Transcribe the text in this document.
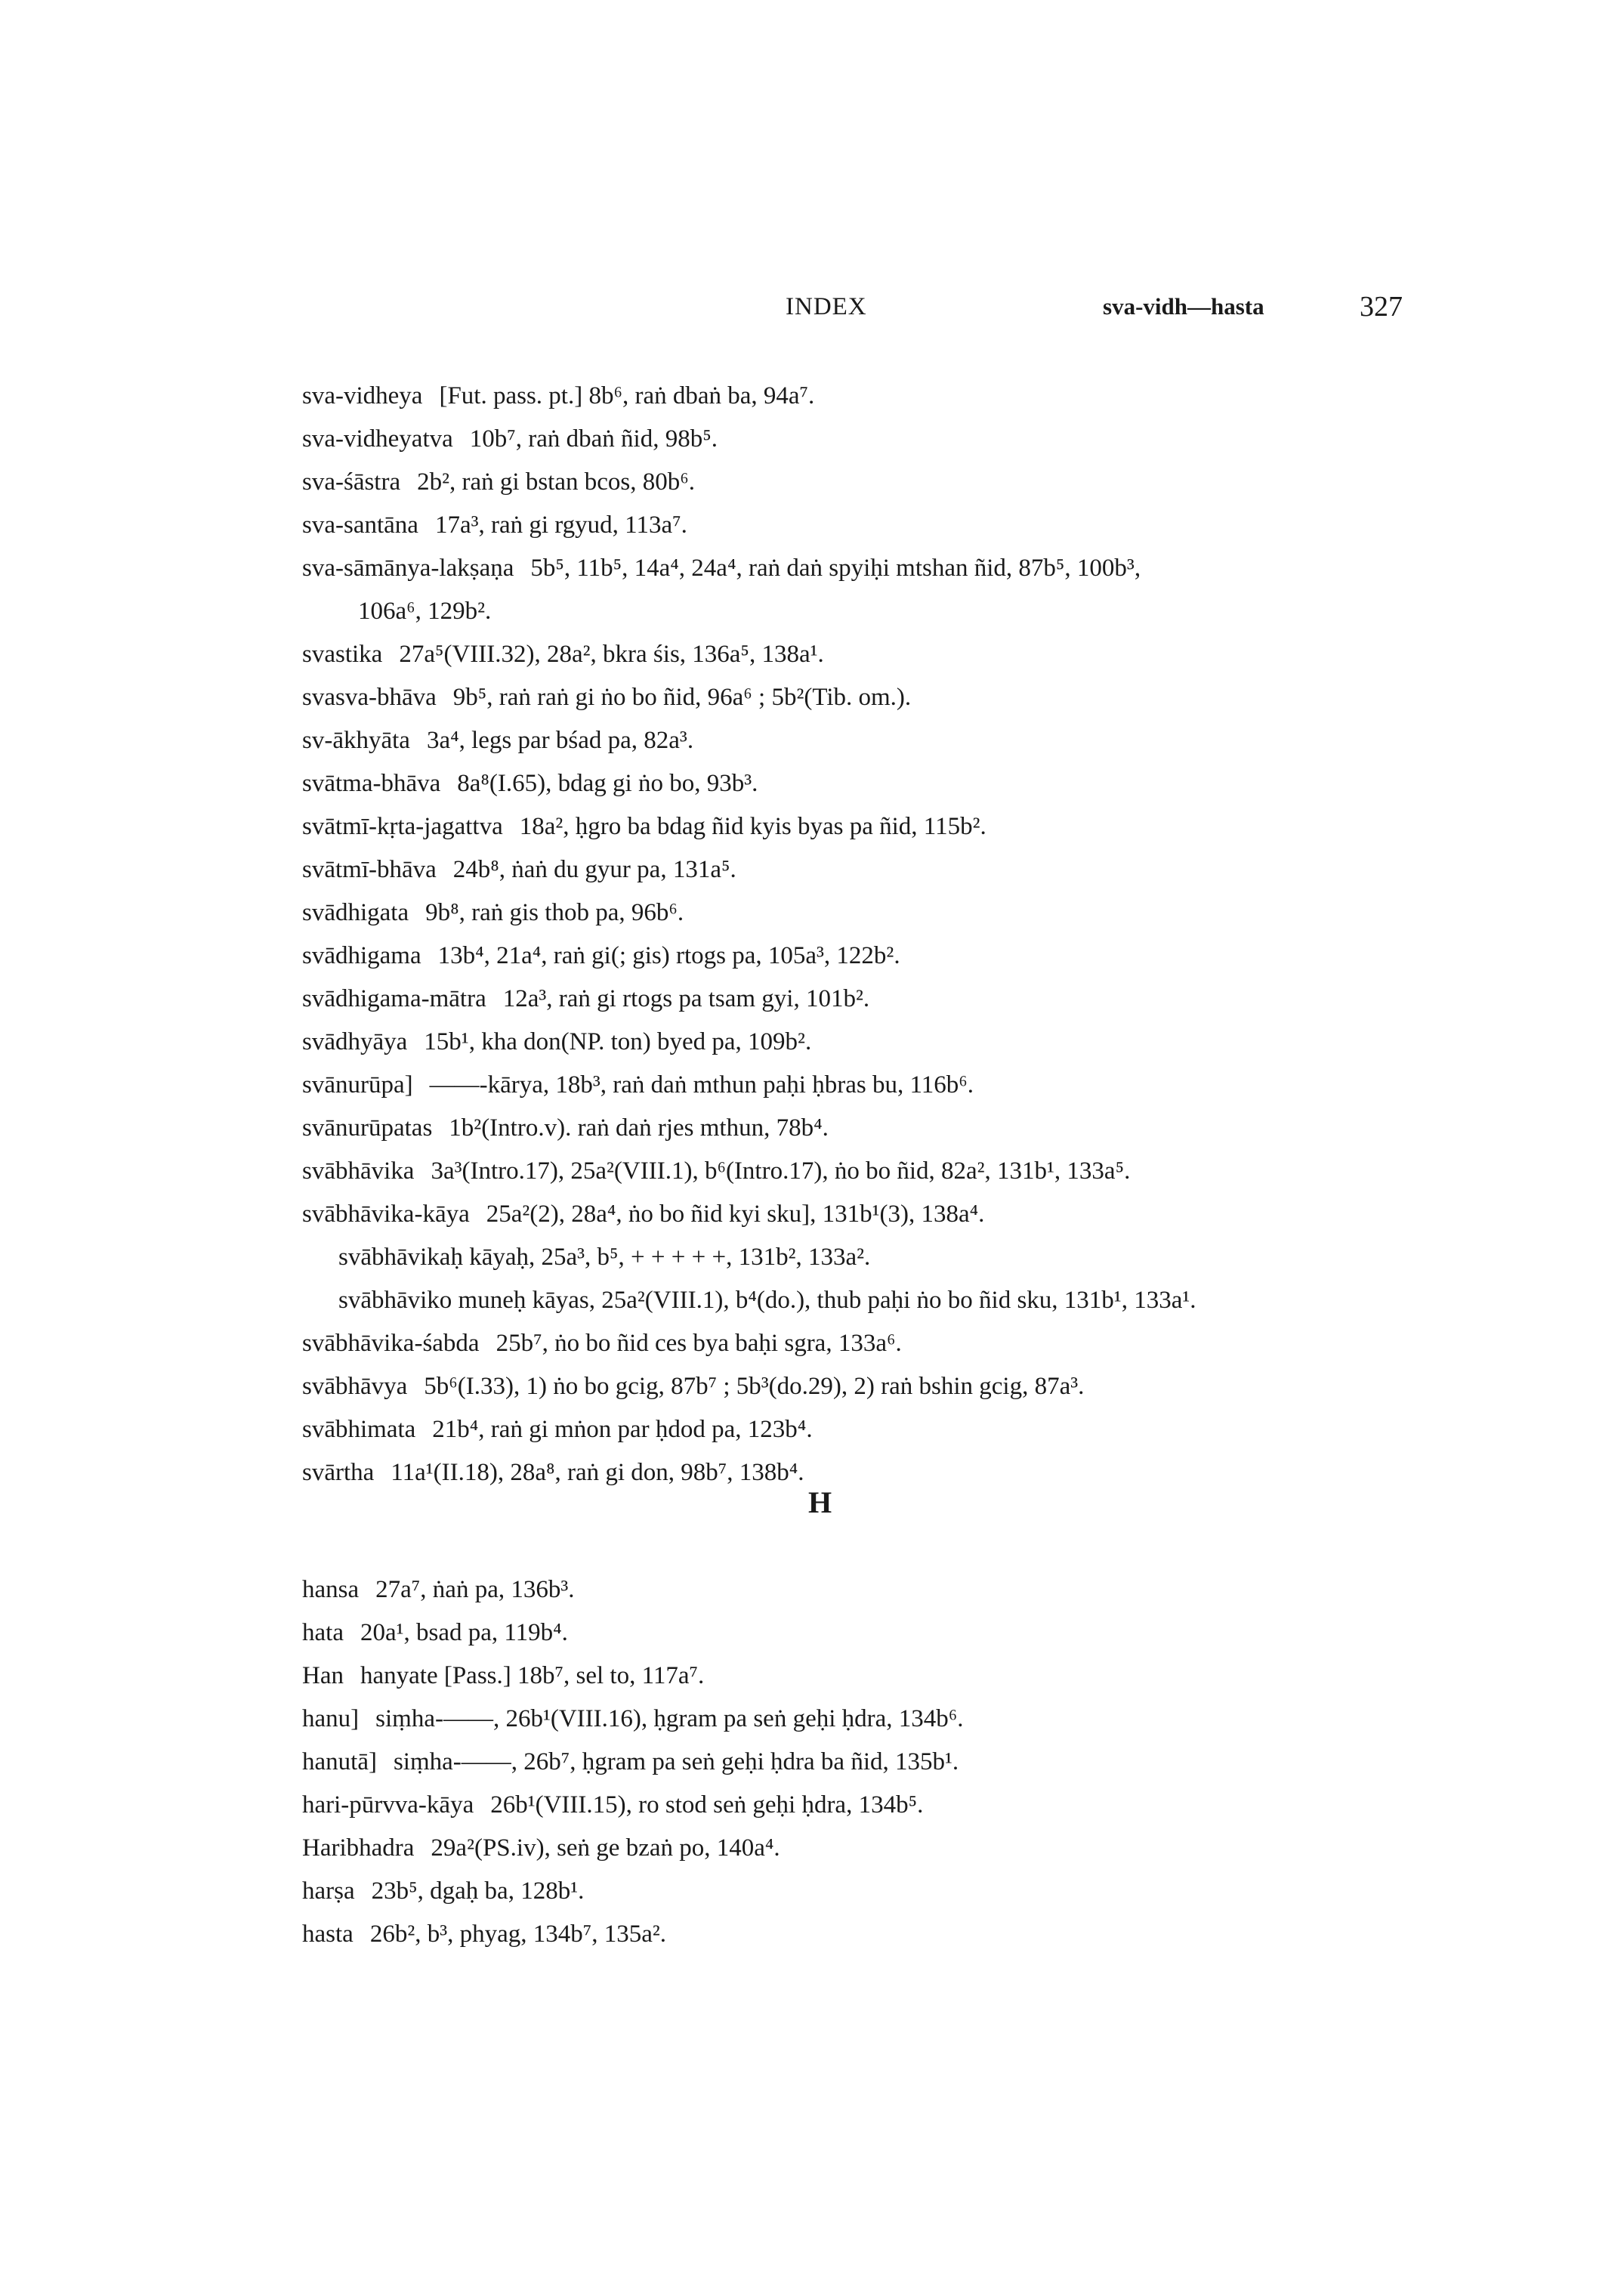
INDEX	sva-vidh—hasta	327
sva-vidheya [Fut. pass. pt.] 8b⁶, raṅ dbaṅ ba, 94a⁷.
sva-vidheyatva 10b⁷, raṅ dbaṅ ñid, 98b⁵.
sva-śāstra 2b², raṅ gi bstan bcos, 80b⁶.
sva-santāna 17a³, raṅ gi rgyud, 113a⁷.
sva-sāmānya-lakṣaṇa 5b⁵, 11b⁵, 14a⁴, 24a⁴, raṅ daṅ spyiḥi mtshan ñid, 87b⁵, 100b³,
106a⁶, 129b².
svastika 27a⁵(VIII.32), 28a², bkra śis, 136a⁵, 138a¹.
svasva-bhāva 9b⁵, raṅ raṅ gi ṅo bo ñid, 96a⁶ ; 5b²(Tib. om.).
sv-ākhyāta 3a⁴, legs par bśad pa, 82a³.
svātma-bhāva 8a⁸(I.65), bdag gi ṅo bo, 93b³.
svātmī-kṛta-jagattva 18a², ḥgro ba bdag ñid kyis byas pa ñid, 115b².
svātmī-bhāva 24b⁸, ṅaṅ du gyur pa, 131a⁵.
svādhigata 9b⁸, raṅ gis thob pa, 96b⁶.
svādhigama 13b⁴, 21a⁴, raṅ gi(; gis) rtogs pa, 105a³, 122b².
svādhigama-mātra 12a³, raṅ gi rtogs pa tsam gyi, 101b².
svādhyāya 15b¹, kha don(NP. ton) byed pa, 109b².
svānurūpa] ——-kārya, 18b³, raṅ daṅ mthun paḥi ḥbras bu, 116b⁶.
svānurūpatas 1b²(Intro.v). raṅ daṅ rjes mthun, 78b⁴.
svābhāvika 3a³(Intro.17), 25a²(VIII.1), b⁶(Intro.17), ṅo bo ñid, 82a², 131b¹, 133a⁵.
svābhāvika-kāya 25a²(2), 28a⁴, ṅo bo ñid kyi sku], 131b¹(3), 138a⁴.
svābhāvikaḥ kāyaḥ, 25a³, b⁵, + + + + +, 131b², 133a².
svābhāviko muneḥ kāyas, 25a²(VIII.1), b⁴(do.), thub paḥi ṅo bo ñid sku, 131b¹, 133a¹.
svābhāvika-śabda 25b⁷, ṅo bo ñid ces bya baḥi sgra, 133a⁶.
svābhāvya 5b⁶(I.33), 1) ṅo bo gcig, 87b⁷ ; 5b³(do.29), 2) raṅ bshin gcig, 87a³.
svābhimata 21b⁴, raṅ gi mṅon par ḥdod pa, 123b⁴.
svārtha 11a¹(II.18), 28a⁸, raṅ gi don, 98b⁷, 138b⁴.
H
hansa 27a⁷, ṅaṅ pa, 136b³.
hata 20a¹, bsad pa, 119b⁴.
Han hanyate [Pass.] 18b⁷, sel to, 117a⁷.
hanu] siṃha-——, 26b¹(VIII.16), ḥgram pa seṅ geḥi ḥdra, 134b⁶.
hanutā] siṃha-——, 26b⁷, ḥgram pa seṅ geḥi ḥdra ba ñid, 135b¹.
hari-pūrvva-kāya 26b¹(VIII.15), ro stod seṅ geḥi ḥdra, 134b⁵.
Haribhadra 29a²(PS.iv), seṅ ge bzaṅ po, 140a⁴.
harṣa 23b⁵, dgaḥ ba, 128b¹.
hasta 26b², b³, phyag, 134b⁷, 135a².
